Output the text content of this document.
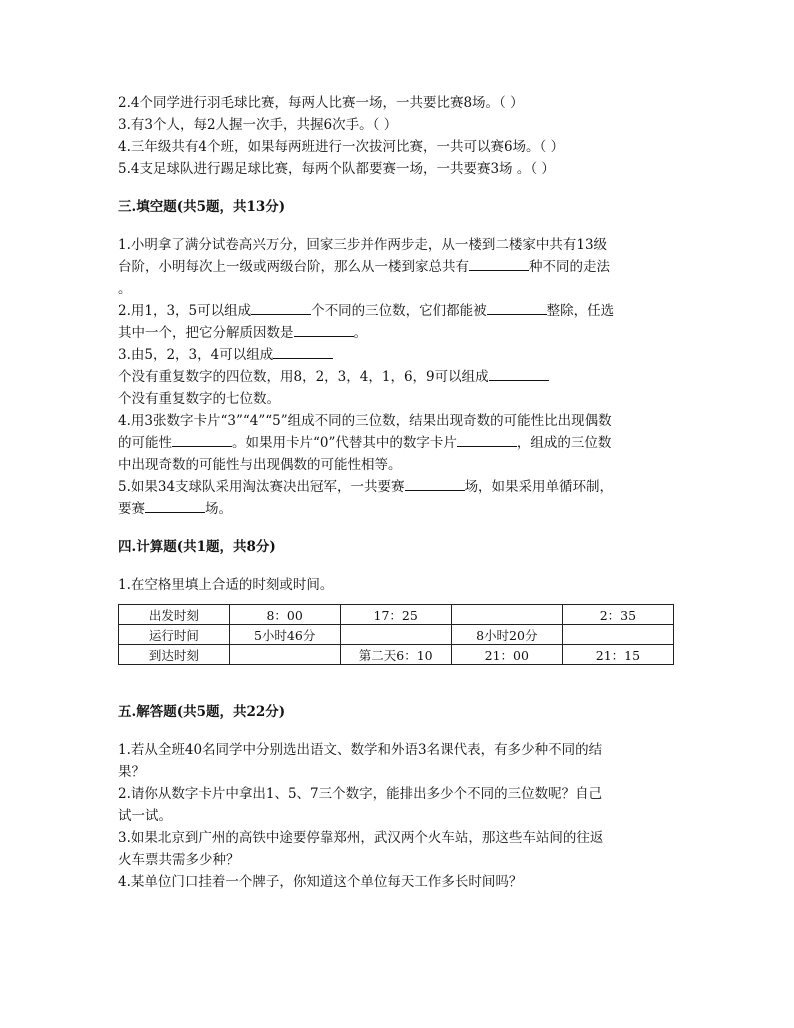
2.4个同学进行羽毛球比赛，每两人比赛一场，一共要比赛8场。（ ）
3.有3个人，每2人握一次手，共握6次手。（ ）
4.三年级共有4个班，如果每两班进行一次拔河比赛，一共可以赛6场。（ ）
5.4支足球队进行踢足球比赛，每两个队都要赛一场，一共要赛3场 。（ ）
三.填空题(共5题，共13分)
1.小明拿了满分试卷高兴万分，回家三步并作两步走，从一楼到二楼家中共有13级
台阶，小明每次上一级或两级台阶，那么从一楼到家总共有	种不同的走法
。
2.用1，3，5可以组成	个不同的三位数，它们都能被	整除，任选
其中一个，把它分解质因数是	。
3.由5，2，3，4可以组成
个没有重复数字的四位数，用8，2，3，4，1，6，9可以组成
个没有重复数字的七位数。
4.用3张数字卡片“3”“4”“5”组成不同的三位数，结果出现奇数的可能性比出现偶数
的可能性	。如果用卡片“0”代替其中的数字卡片	，组成的三位数
中出现奇数的可能性与出现偶数的可能性相等。
5.如果34支球队采用淘汰赛决出冠军，一共要赛	场，如果采用单循环制，
要赛	场。
四.计算题(共1题，共8分)
1.在空格里填上合适的时刻或时间。
出发时刻	8：00	17：25		2：35
运行时间	5小时46分		8小时20分	
到达时刻		第二天6：10	21：00	21：15
五.解答题(共5题，共22分)
1.若从全班40名同学中分别选出语文、数学和外语3名课代表，有多少种不同的结
果？
2.请你从数字卡片中拿出1、5、7三个数字，能排出多少个不同的三位数呢？自己
试一试。
3.如果北京到广州的高铁中途要停靠郑州，武汉两个火车站，那这些车站间的往返
火车票共需多少种？
4.某单位门口挂着一个牌子，你知道这个单位每天工作多长时间吗？
